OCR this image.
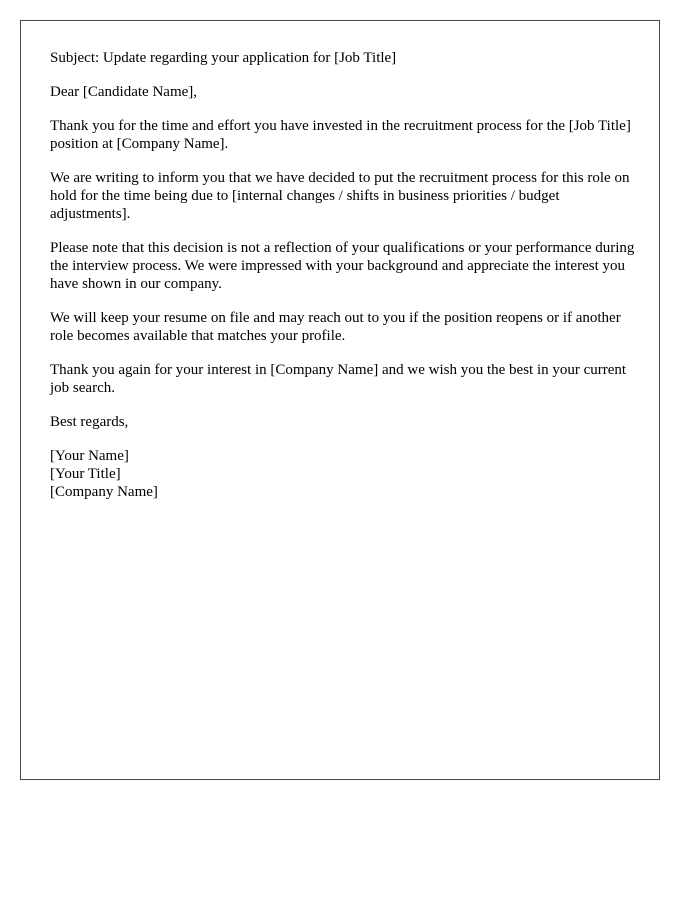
Subject: Update regarding your application for [Job Title]

Dear [Candidate Name],

Thank you for the time and effort you have invested in the recruitment process for the [Job Title] position at [Company Name].

We are writing to inform you that we have decided to put the recruitment process for this role on hold for the time being due to [internal changes / shifts in business priorities / budget adjustments].

Please note that this decision is not a reflection of your qualifications or your performance during the interview process. We were impressed with your background and appreciate the interest you have shown in our company.

We will keep your resume on file and may reach out to you if the position reopens or if another role becomes available that matches your profile.

Thank you again for your interest in [Company Name] and we wish you the best in your current job search.

Best regards,

[Your Name]
[Your Title]
[Company Name]
